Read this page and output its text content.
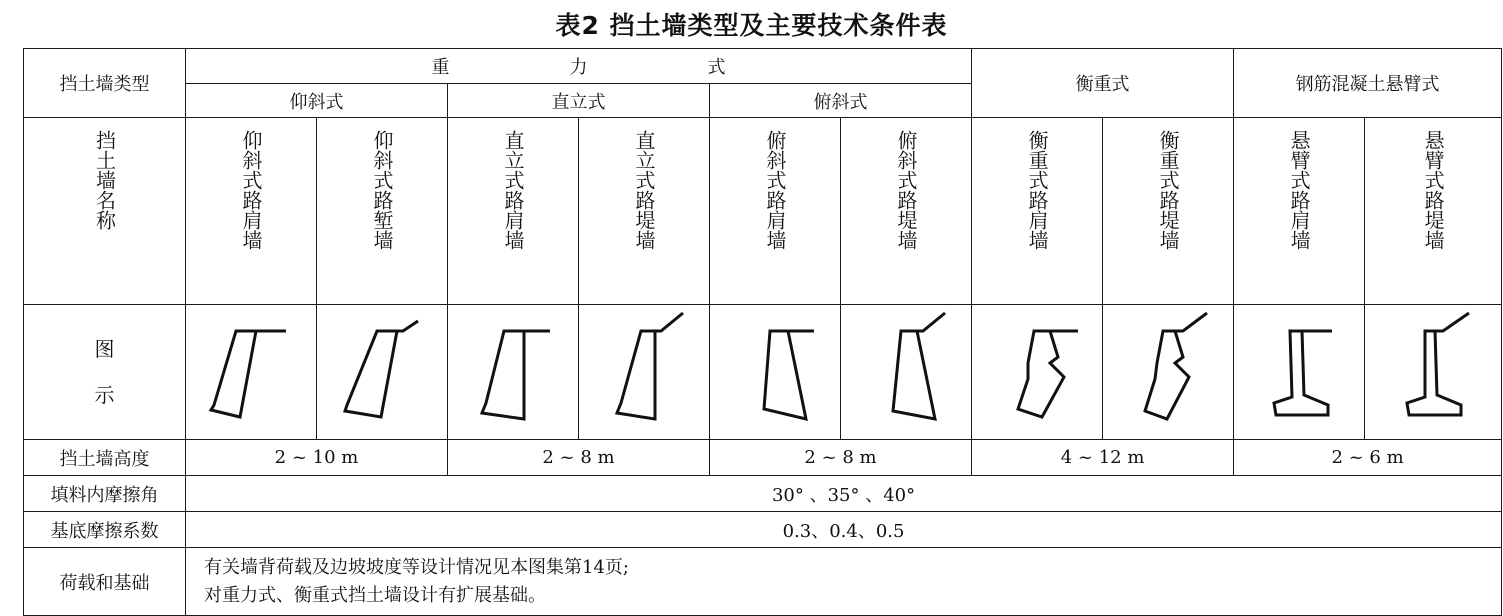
表2 挡土墙类型及主要技术条件表
挡土墙类型	重力式						衡重式		钢筋混凝土悬臂式	
	仰斜式		直立式		俯斜式					
挡土墙名称	仰斜式路肩墙	仰斜式路堑墙	直立式路肩墙	直立式路堤墙	俯斜式路肩墙	俯斜式路堤墙	衡重式路肩墙	衡重式路堤墙	悬臂式路肩墙	悬臂式路堤墙

图
示

挡土墙高度	2 ~ 10 m		2 ~ 8 m		2 ~ 8 m		4 ~ 12 m		2 ~ 6 m	
填料内摩擦角	30° 、35° 、40°									
基底摩擦系数	0.3、0.4、0.5									
荷载和基础	有关墙背荷载及边坡坡度等设计情况见本图集第14页;
对重力式、衡重式挡土墙设计有扩展基础。									
